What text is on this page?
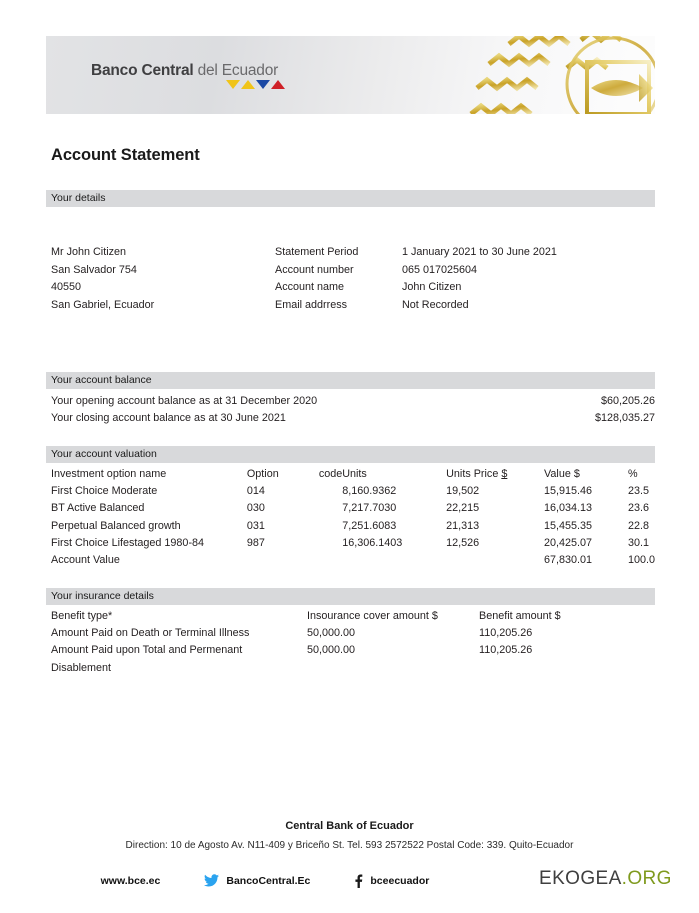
Banco Central del Ecuador
Account Statement
Your details
Mr John Citizen	Statement Period	1 January 2021 to 30 June 2021
San Salvador 754	Account number	065 017025604
40550	Account name	John Citizen
San Gabriel, Ecuador	Email addrress	Not Recorded
Your account balance
Your opening account balance as at 31 December 2020	$60,205.26
Your closing account balance as at 30 June 2021	$128,035.27
Your account valuation
Investment option name	Option	code	Units	Units Price $	Value $	%
First Choice Moderate	014		8,160.9362	19,502	15,915.46	23.5
BT Active Balanced	030		7,217.7030	22,215	16,034.13	23.6
Perpetual Balanced growth	031		7,251.6083	21,313	15,455.35	22.8
First Choice Lifestaged 1980-84	987		16,306.1403	12,526	20,425.07	30.1
Account Value					67,830.01	100.0
Your insurance details
Benefit type*	Insourance cover amount $	Benefit amount $
Amount Paid on Death or Terminal Illness	50,000.00	110,205.26
Amount Paid upon Total and Permenant	50,000.00	110,205.26
Disablement		
Central Bank of Ecuador
Direction: 10 de Agosto Av. N11-409 y Briceño St. Tel. 593 2572522 Postal Code: 339. Quito-Ecuador
www.bce.ec	BancoCentral.Ec	bceecuador	EKOGEA.ORG
